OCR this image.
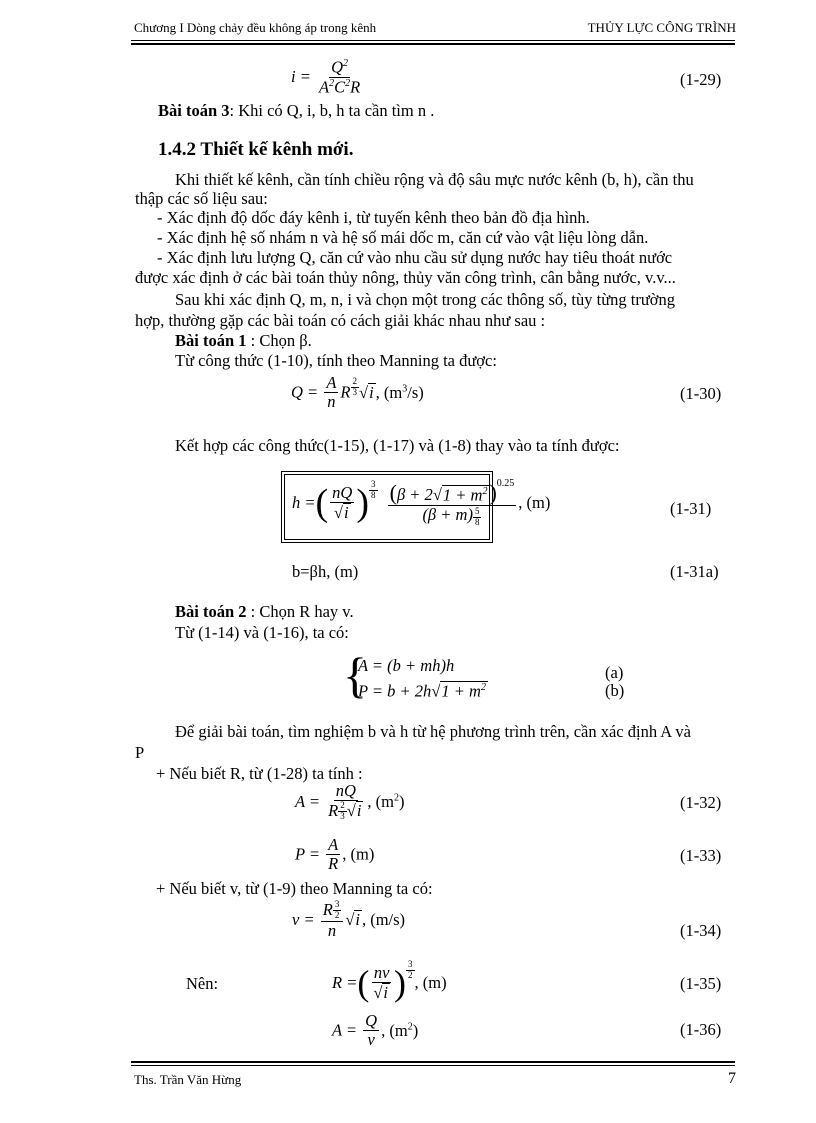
Chương I Dòng chảy đều không áp trong kênh	THỦY LỰC CÔNG TRÌNH
$i = \frac{Q^2}{A^2C^2R}$	(1-29)
Bài toán 3: Khi có Q, i, b, h ta cần tìm n .
1.4.2 Thiết kế kênh mới.
Khi thiết kế kênh, cần tính chiều rộng và độ sâu mực nước kênh (b, h), cần thu
thập các số liệu sau:
- Xác định độ dốc đáy kênh i, từ tuyến kênh theo bản đồ địa hình.
- Xác định hệ số nhám n và hệ số mái dốc m, căn cứ vào vật liệu lòng dẫn.
- Xác định lưu lượng Q, căn cứ vào nhu cầu sử dụng nước hay tiêu thoát nước
được xác định ở các bài toán thủy nông, thủy văn công trình, cân bằng nước, v.v...
Sau khi xác định Q, m, n, i và chọn một trong các thông số, tùy từng trường
hợp, thường gặp các bài toán có cách giải khác nhau như sau :
Bài toán 1 : Chọn β.
Từ công thức (1-10), tính theo Manning ta được:
$Q = \frac{A}{n}$ R $\frac{2}{3} √i$ , $(m^3/s)$	(1-30)
Kết hợp các công thức(1-15), (1-17) và (1-8) thay vào ta tính được:
h =( $\frac{nQ}{√i}$ ) $\frac{3}{8}$
$\frac{(\beta + 2√1 + m^2)^{0.25}}{(\beta + m) \frac{5}{8}}$ , (m)	(1-31)
b=βh, (m)	(1-31a)
Bài toán 2 : Chọn R hay v.
Từ (1-14) và (1-16), ta có:
{
A = (b + mh)h
$P = b + 2h√1 + m^2$
(a)
(b)
Để giải bài toán, tìm nghiệm b và h từ hệ phương trình trên, cần xác định A và
P
+ Nếu biết R, từ (1-28) ta tính :
$A = \frac{nQ}{R \frac{2}{3} √i}$ , $(m^2)$	(1-32)
$P = \frac{A}{R}$ , (m)	(1-33)
+ Nếu biết v, từ (1-9) theo Manning ta có:
$v = \frac{R \frac{3}{2}}{n} √i$ , (m/s)
(1-34)
Nên:	R =( $\frac{nv}{√i}$ ) $\frac{3}{2}$
, (m)	(1-35)
$A = \frac{Q}{v}$ , $(m^2)$	(1-36)
Ths. Trần Văn Hừng	7
